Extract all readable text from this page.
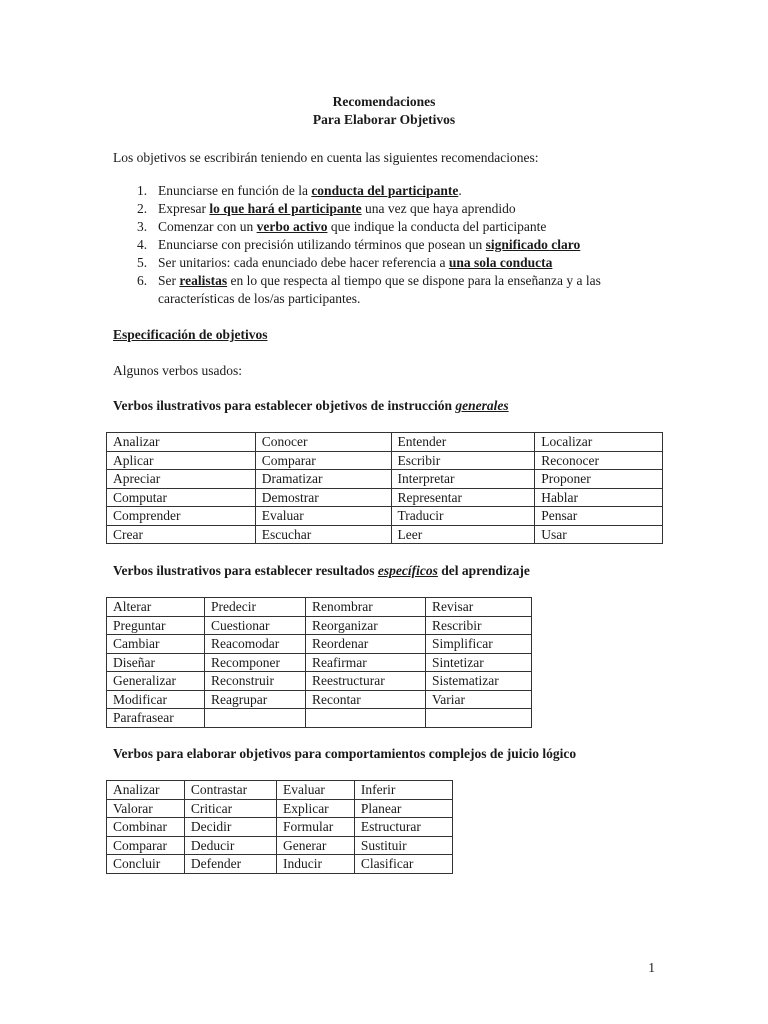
Recomendaciones
Para Elaborar Objetivos
Los objetivos se escribirán teniendo en cuenta las siguientes recomendaciones:
1. Enunciarse en función de la conducta del participante.
2. Expresar lo que hará el participante una vez que haya aprendido
3. Comenzar con un verbo activo que indique la conducta del participante
4. Enunciarse con precisión utilizando términos que posean un significado claro
5. Ser unitarios: cada enunciado debe hacer referencia a una sola conducta
6. Ser realistas en lo que respecta al tiempo que se dispone para la enseñanza y a las características de los/as participantes.
Especificación de objetivos
Algunos verbos usados:
Verbos ilustrativos para establecer objetivos de instrucción generales
Analizar	Conocer	Entender	Localizar
Aplicar	Comparar	Escribir	Reconocer
Apreciar	Dramatizar	Interpretar	Proponer
Computar	Demostrar	Representar	Hablar
Comprender	Evaluar	Traducir	Pensar
Crear	Escuchar	Leer	Usar
Verbos ilustrativos para establecer resultados específicos del aprendizaje
Alterar	Predecir	Renombrar	Revisar
Preguntar	Cuestionar	Reorganizar	Rescribir
Cambiar	Reacomodar	Reordenar	Simplificar
Diseñar	Recomponer	Reafirmar	Sintetizar
Generalizar	Reconstruir	Reestructurar	Sistematizar
Modificar	Reagrupar	Recontar	Variar
Parafrasear			
Verbos para elaborar objetivos para comportamientos complejos de juicio lógico
Analizar	Contrastar	Evaluar	Inferir
Valorar	Criticar	Explicar	Planear
Combinar	Decidir	Formular	Estructurar
Comparar	Deducir	Generar	Sustituir
Concluir	Defender	Inducir	Clasificar
1
